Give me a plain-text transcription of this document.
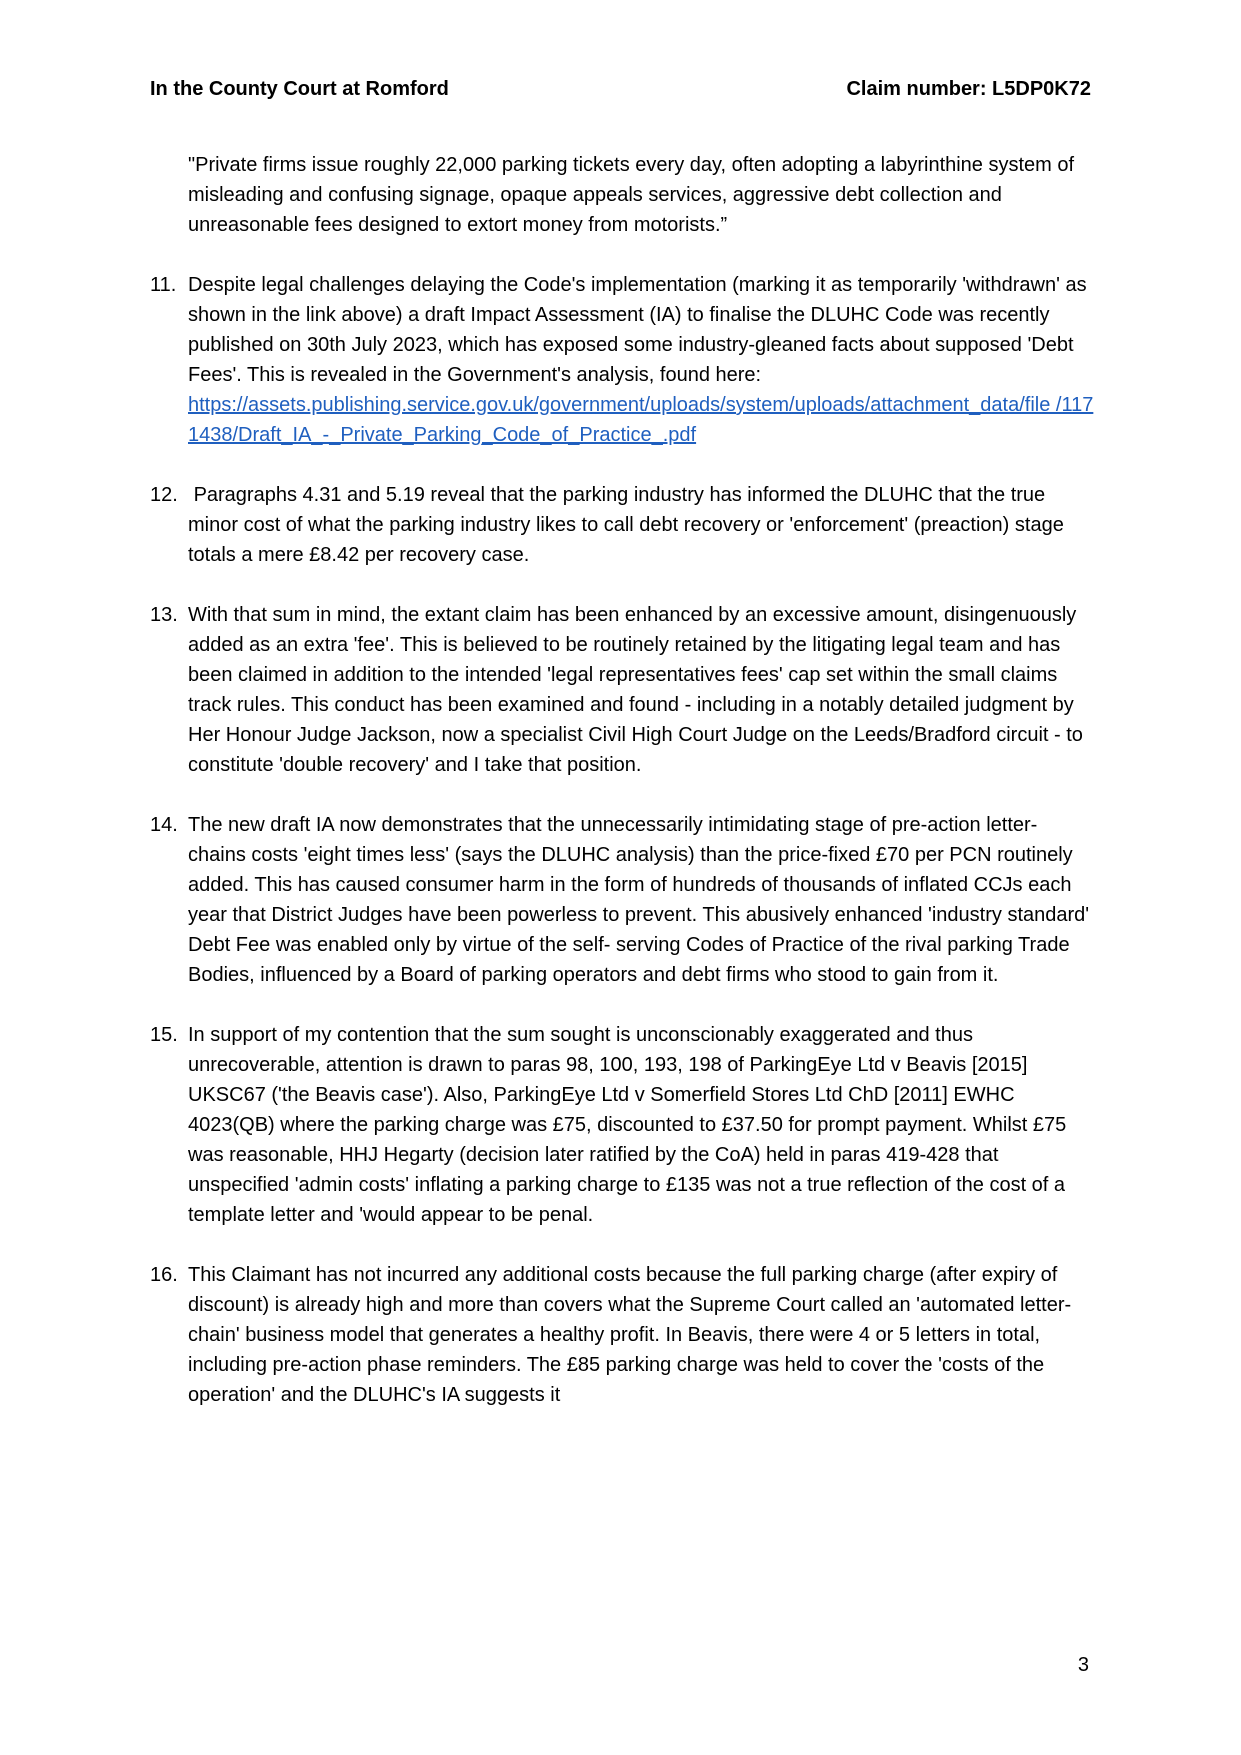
In the County Court at Romford	Claim number: L5DP0K72
"Private firms issue roughly 22,000 parking tickets every day, often adopting a labyrinthine system of misleading and confusing signage, opaque appeals services, aggressive debt collection and unreasonable fees designed to extort money from motorists.”
11. Despite legal challenges delaying the Code's implementation (marking it as temporarily 'withdrawn' as shown in the link above) a draft Impact Assessment (IA) to finalise the DLUHC Code was recently published on 30th July 2023, which has exposed some industry-gleaned facts about supposed 'Debt Fees'. This is revealed in the Government's analysis, found here:
https://assets.publishing.service.gov.uk/government/uploads/system/uploads/attachment_data/file /1171438/Draft_IA_-_Private_Parking_Code_of_Practice_.pdf
12. Paragraphs 4.31 and 5.19 reveal that the parking industry has informed the DLUHC that the true minor cost of what the parking industry likes to call debt recovery or 'enforcement' (preaction) stage totals a mere £8.42 per recovery case.
13. With that sum in mind, the extant claim has been enhanced by an excessive amount, disingenuously added as an extra 'fee'. This is believed to be routinely retained by the litigating legal team and has been claimed in addition to the intended 'legal representatives fees' cap set within the small claims track rules. This conduct has been examined and found - including in a notably detailed judgment by Her Honour Judge Jackson, now a specialist Civil High Court Judge on the Leeds/Bradford circuit - to constitute 'double recovery' and I take that position.
14. The new draft IA now demonstrates that the unnecessarily intimidating stage of pre-action letter-chains costs 'eight times less' (says the DLUHC analysis) than the price-fixed £70 per PCN routinely added. This has caused consumer harm in the form of hundreds of thousands of inflated CCJs each year that District Judges have been powerless to prevent. This abusively enhanced 'industry standard' Debt Fee was enabled only by virtue of the self- serving Codes of Practice of the rival parking Trade Bodies, influenced by a Board of parking operators and debt firms who stood to gain from it.
15. In support of my contention that the sum sought is unconscionably exaggerated and thus unrecoverable, attention is drawn to paras 98, 100, 193, 198 of ParkingEye Ltd v Beavis [2015] UKSC67 ('the Beavis case'). Also, ParkingEye Ltd v Somerfield Stores Ltd ChD [2011] EWHC 4023(QB) where the parking charge was £75, discounted to £37.50 for prompt payment. Whilst £75 was reasonable, HHJ Hegarty (decision later ratified by the CoA) held in paras 419-428 that unspecified 'admin costs' inflating a parking charge to £135 was not a true reflection of the cost of a template letter and 'would appear to be penal.
16. This Claimant has not incurred any additional costs because the full parking charge (after expiry of discount) is already high and more than covers what the Supreme Court called an 'automated letter-chain' business model that generates a healthy profit. In Beavis, there were 4 or 5 letters in total, including pre-action phase reminders. The £85 parking charge was held to cover the 'costs of the operation' and the DLUHC's IA suggests it
3
